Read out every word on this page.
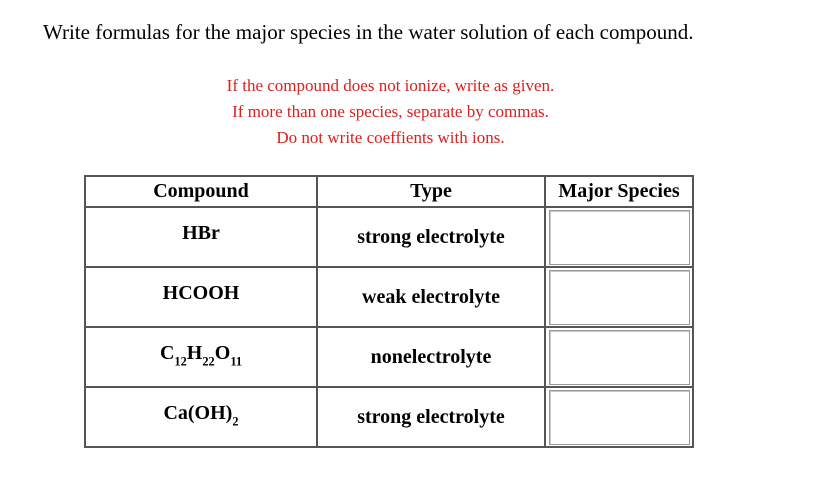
Write formulas for the major species in the water solution of each compound.
If the compound does not ionize, write as given.
If more than one species, separate by commas.
Do not write coeffients with ions.
Compound	Type	Major Species
HBr	strong electrolyte	

HCOOH	weak electrolyte	

$C_{12}H_{22}O_{11}$	nonelectrolyte	

$Ca(OH)_2$	strong electrolyte	
